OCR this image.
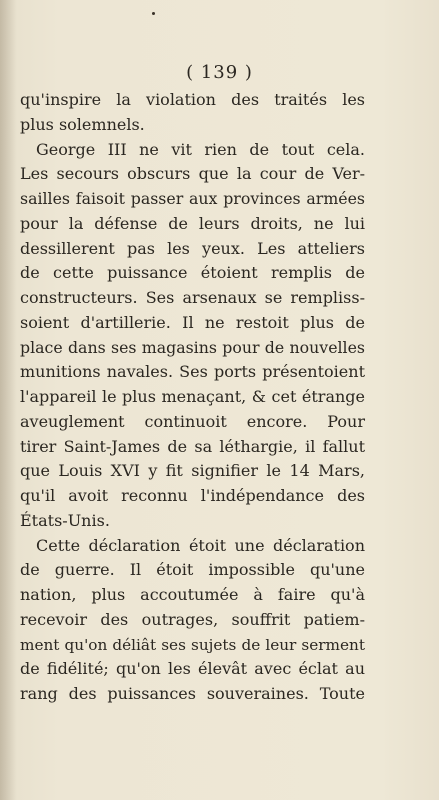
( 139 )
qu'inspire la violation des traités les
plus solemnels.
George III ne vit rien de tout cela.
Les secours obscurs que la cour de Ver-
sailles faisoit passer aux provinces armées
pour la défense de leurs droits, ne lui
dessillerent pas les yeux. Les atteliers
de cette puissance étoient remplis de
constructeurs. Ses arsenaux se rempliss-
soient d'artillerie. Il ne restoit plus de
place dans ses magasins pour de nouvelles
munitions navales. Ses ports présentoient
l'appareil le plus menaçant, & cet étrange
aveuglement continuoit encore. Pour
tirer Saint-James de sa léthargie, il fallut
que Louis XVI y fit signifier le 14 Mars,
qu'il avoit reconnu l'indépendance des
États-Unis.
Cette déclaration étoit une déclaration
de guerre. Il étoit impossible qu'une
nation, plus accoutumée à faire qu'à
recevoir des outrages, souffrit patiem-
ment qu'on déliât ses sujets de leur serment
de fidélité; qu'on les élevât avec éclat au
rang des puissances souveraines. Toute
